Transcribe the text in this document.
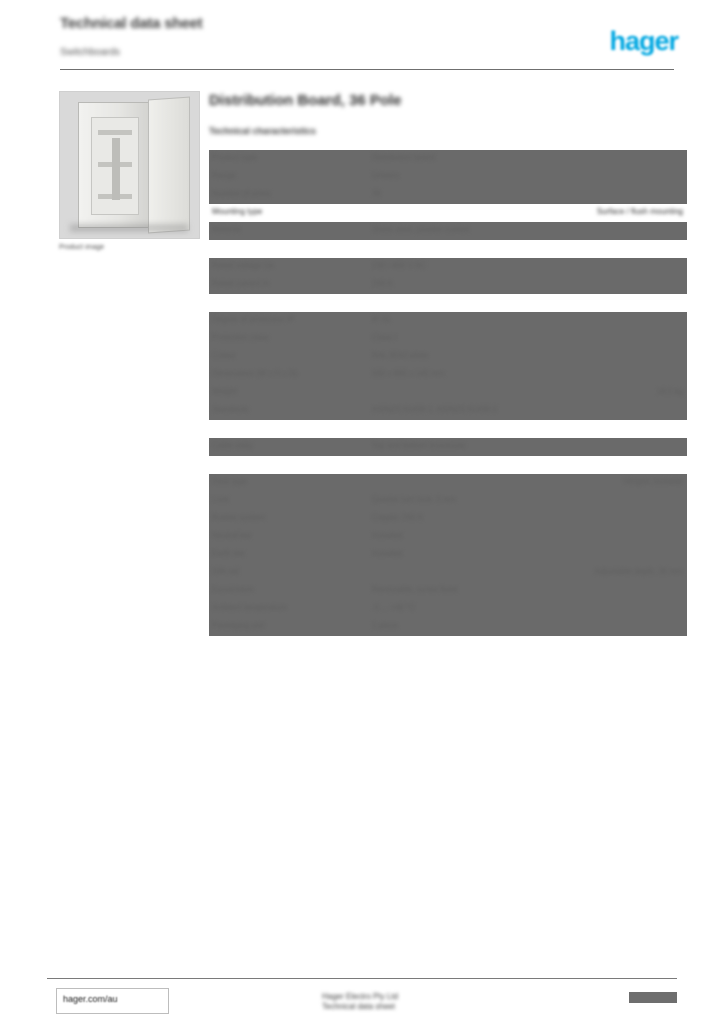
Technical data sheet
Switchboards	hager
Product image
Distribution Board, 36 Pole
Technical characteristics
Product type	Distribution board
Range	Univers
Number of poles	36
Mounting type	Surface / flush mounting
Material	Sheet steel, powder coated

Rated voltage Ue	230 / 400 V AC
Rated current In	250 A

Degree of protection IP	IP 41
Protection class	Class I
Colour	RAL 9010 white
Dimensions (W x H x D)	560 x 880 x 145 mm
Weight	18.5 kg
Standards	AS/NZS 61439-1, AS/NZS 61439-3

Cable entry	Top and bottom knockouts

Door type	Hinged, lockable
Lock	Quarter turn lock, 3 mm
Busbar system	Copper, 250 A
Neutral bar	Included
Earth bar	Included
DIN rail	Adjustable depth, 35 mm
Escutcheon	Removable, screw fixed
Ambient temperature	-5 ... +40 °C
Packaging unit	1 piece
hager.com/au	Hager Electro Pty Ltd
Technical data sheet
